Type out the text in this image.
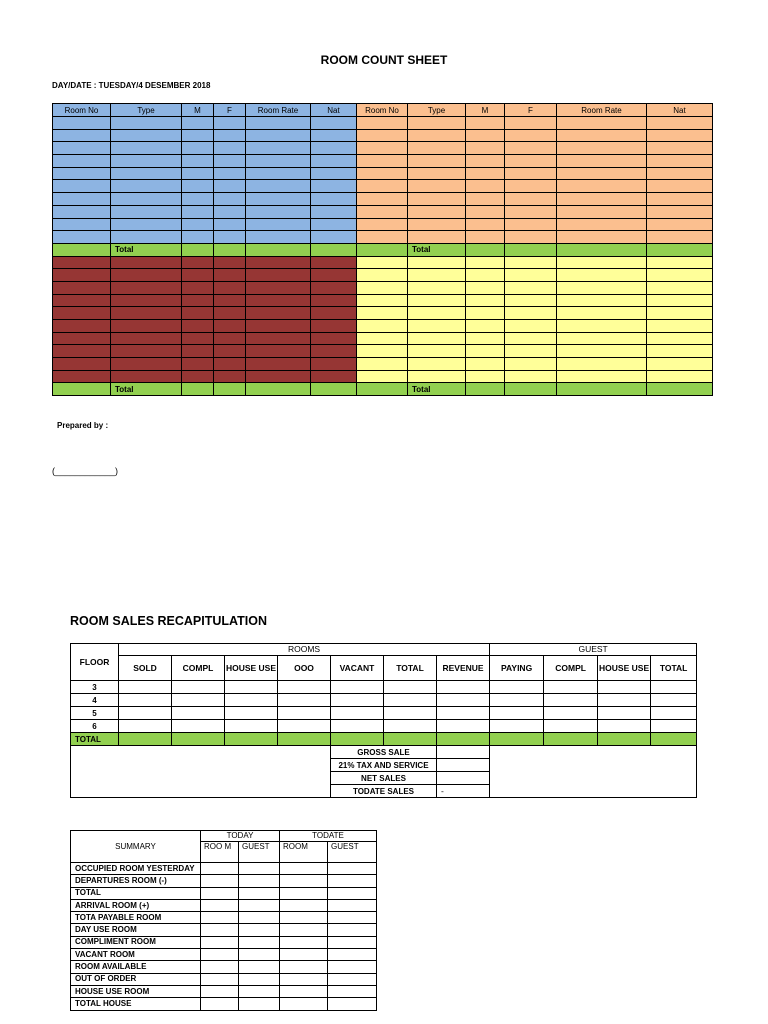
ROOM COUNT SHEET
DAY/DATE : TUESDAY/4 DESEMBER 2018
Room No	Type	M	F	Room Rate	Nat	Room No	Type	M	F	Room Rate	Nat

	Total						Total				

	Total						Total				
Prepared by :
(____________)
ROOM SALES RECAPITULATION
FLOOR	ROOMS							GUEST			
	SOLD	COMPL	HOUSE USE	OOO	VACANT	TOTAL	REVENUE	PAYING	COMPL	HOUSE USE	TOTAL
3											
4											
5											
6											
TOTAL											
					GROSS SALE						
					21% TAX AND SERVICE						
					NET SALES						
					TODATE SALES		-				
SUMMARY	TODAY		TODATE	
	ROO M	GUEST	ROOM	GUEST
OCCUPIED ROOM YESTERDAY				
DEPARTURES ROOM (-)				
TOTAL				
ARRIVAL ROOM (+)				
TOTA PAYABLE ROOM				
DAY USE ROOM				
COMPLIMENT ROOM				
VACANT ROOM				
ROOM AVAILABLE				
OUT OF ORDER				
HOUSE USE ROOM				
TOTAL HOUSE				
